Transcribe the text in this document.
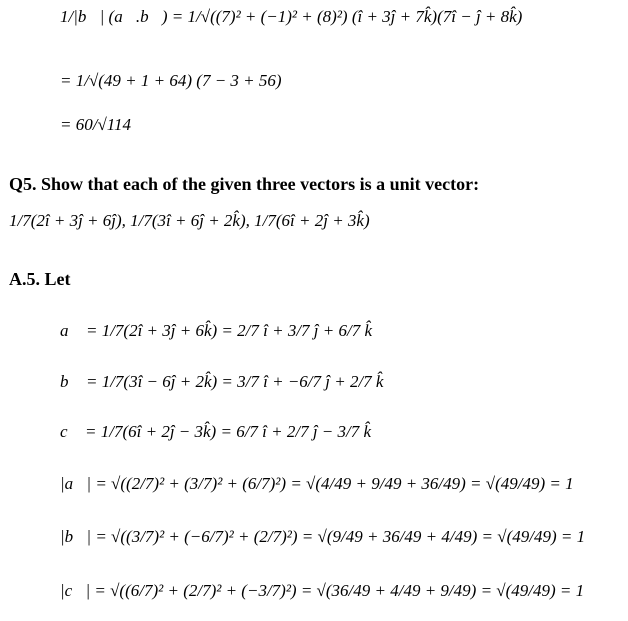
1/|b⃗| (a⃗.b⃗) = 1/√((7)² + (−1)² + (8)²) (î + 3ĵ + 7k̂)(7î − ĵ + 8k̂)
= 1/√(49 + 1 + 64) (7 − 3 + 56)
= 60/√114
Q5. Show that each of the given three vectors is a unit vector:
1/7(2î + 3ĵ + 6ĵ), 1/7(3î + 6ĵ + 2k̂), 1/7(6î + 2ĵ + 3k̂)
A.5. Let
a⃗ = 1/7(2î + 3ĵ + 6k̂) = 2/7 î + 3/7 ĵ + 6/7 k̂
b⃗ = 1/7(3î − 6ĵ + 2k̂) = 3/7 î + −6/7 ĵ + 2/7 k̂
c⃗ = 1/7(6î + 2ĵ − 3k̂) = 6/7 î + 2/7 ĵ − 3/7 k̂
|a⃗| = √((2/7)² + (3/7)² + (6/7)²) = √(4/49 + 9/49 + 36/49) = √(49/49) = 1
|b⃗| = √((3/7)² + (−6/7)² + (2/7)²) = √(9/49 + 36/49 + 4/49) = √(49/49) = 1
|c⃗| = √((6/7)² + (2/7)² + (−3/7)²) = √(36/49 + 4/49 + 9/49) = √(49/49) = 1
